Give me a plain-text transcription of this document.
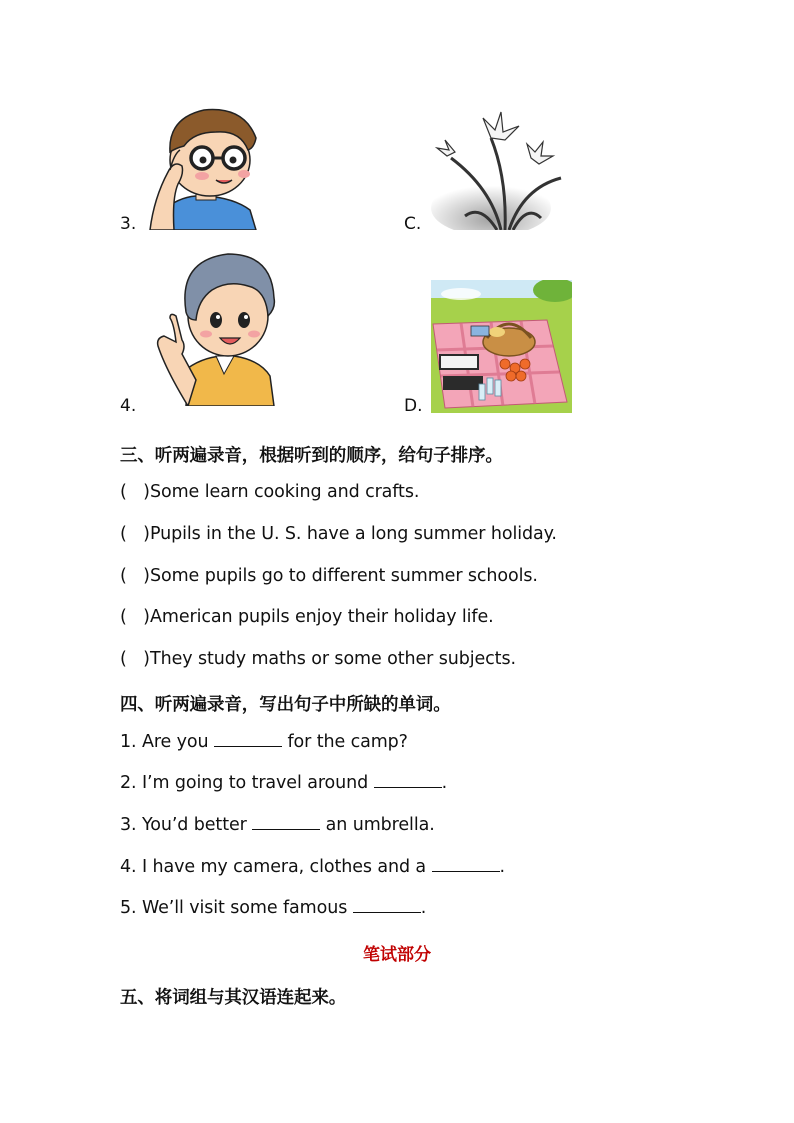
3.	C.
4.	D.
三、听两遍录音，根据听到的顺序，给句子排序。
(   )Some learn cooking and crafts.
(   )Pupils in the U. S. have a long summer holiday.
(   )Some pupils go to different summer schools.
(   )American pupils enjoy their holiday life.
(   )They study maths or some other subjects.
四、听两遍录音，写出句子中所缺的单词。
1. Are you	for the camp?
2. I’m going to travel around	.
3. You’d better	an umbrella.
4. I have my camera, clothes and a	.
5. We’ll visit some famous	.
笔试部分
五、将词组与其汉语连起来。
